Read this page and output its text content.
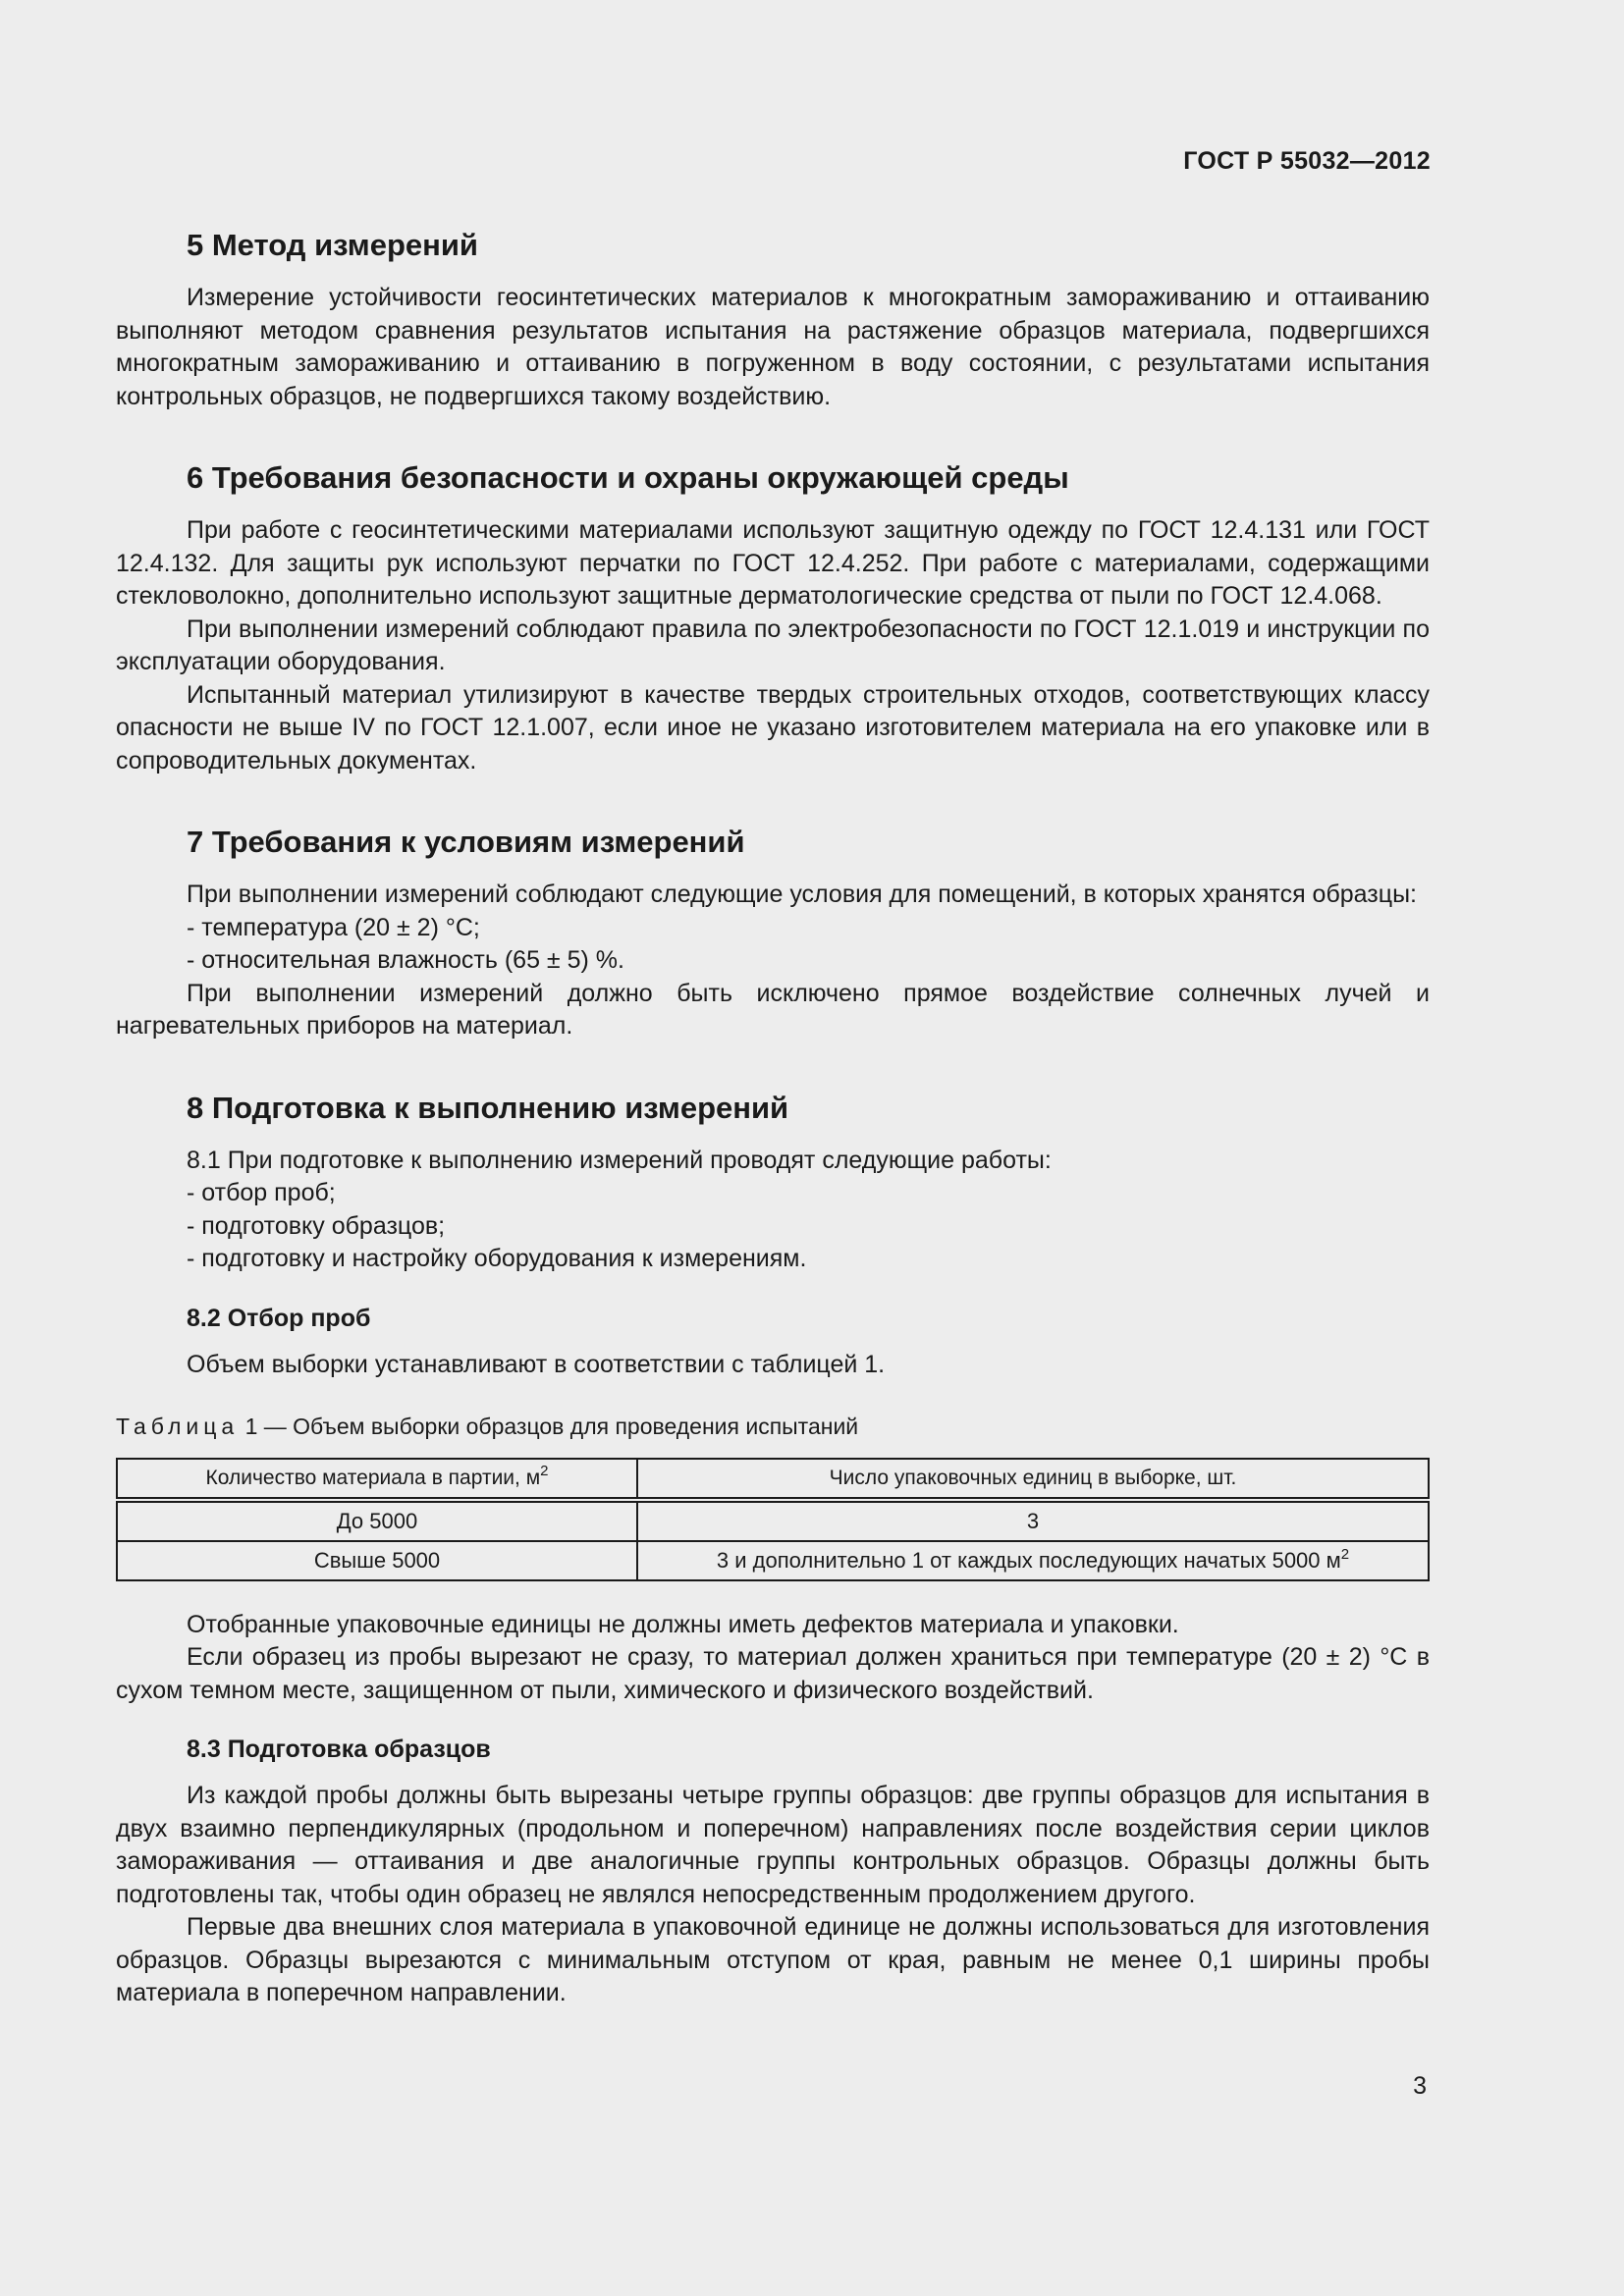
ГОСТ Р 55032—2012
5 Метод измерений

Измерение устойчивости геосинтетических материалов к многократным замораживанию и оттаиванию выполняют методом сравнения результатов испытания на растяжение образцов материала, подвергшихся многократным замораживанию и оттаиванию в погруженном в воду состоянии, с результатами испытания контрольных образцов, не подвергшихся такому воздействию.

6 Требования безопасности и охраны окружающей среды

При работе с геосинтетическими материалами используют защитную одежду по ГОСТ 12.4.131 или ГОСТ 12.4.132. Для защиты рук используют перчатки по ГОСТ 12.4.252. При работе с материалами, содержащими стекловолокно, дополнительно используют защитные дерматологические средства от пыли по ГОСТ 12.4.068.

При выполнении измерений соблюдают правила по электробезопасности по ГОСТ 12.1.019 и инструкции по эксплуатации оборудования.

Испытанный материал утилизируют в качестве твердых строительных отходов, соответствующих классу опасности не выше IV по ГОСТ 12.1.007, если иное не указано изготовителем материала на его упаковке или в сопроводительных документах.

7 Требования к условиям измерений

При выполнении измерений соблюдают следующие условия для помещений, в которых хранятся образцы:

- температура (20 ± 2) °С;

- относительная влажность (65 ± 5) %.

При выполнении измерений должно быть исключено прямое воздействие солнечных лучей и нагревательных приборов на материал.

8 Подготовка к выполнению измерений

8.1 При подготовке к выполнению измерений проводят следующие работы:

- отбор проб;

- подготовку образцов;

- подготовку и настройку оборудования к измерениям.

8.2 Отбор проб

Объем выборки устанавливают в соответствии с таблицей 1.

Таблица 1 — Объем выборки образцов для проведения испытаний
Количество материала в партии, $м^2$	Число упаковочных единиц в выборке, шт.
До 5000	3
Свыше 5000	3 и дополнительно 1 от каждых последующих начатых 5000 $м^2$

Отобранные упаковочные единицы не должны иметь дефектов материала и упаковки.

Если образец из пробы вырезают не сразу, то материал должен храниться при температуре (20 ± 2) °С в сухом темном месте, защищенном от пыли, химического и физического воздействий.

8.3 Подготовка образцов

Из каждой пробы должны быть вырезаны четыре группы образцов: две группы образцов для испытания в двух взаимно перпендикулярных (продольном и поперечном) направлениях после воздействия серии циклов замораживания — оттаивания и две аналогичные группы контрольных образцов. Образцы должны быть подготовлены так, чтобы один образец не являлся непосредственным продолжением другого.

Первые два внешних слоя материала в упаковочной единице не должны использоваться для изготовления образцов. Образцы вырезаются с минимальным отступом от края, равным не менее 0,1 ширины пробы материала в поперечном направлении.

3
